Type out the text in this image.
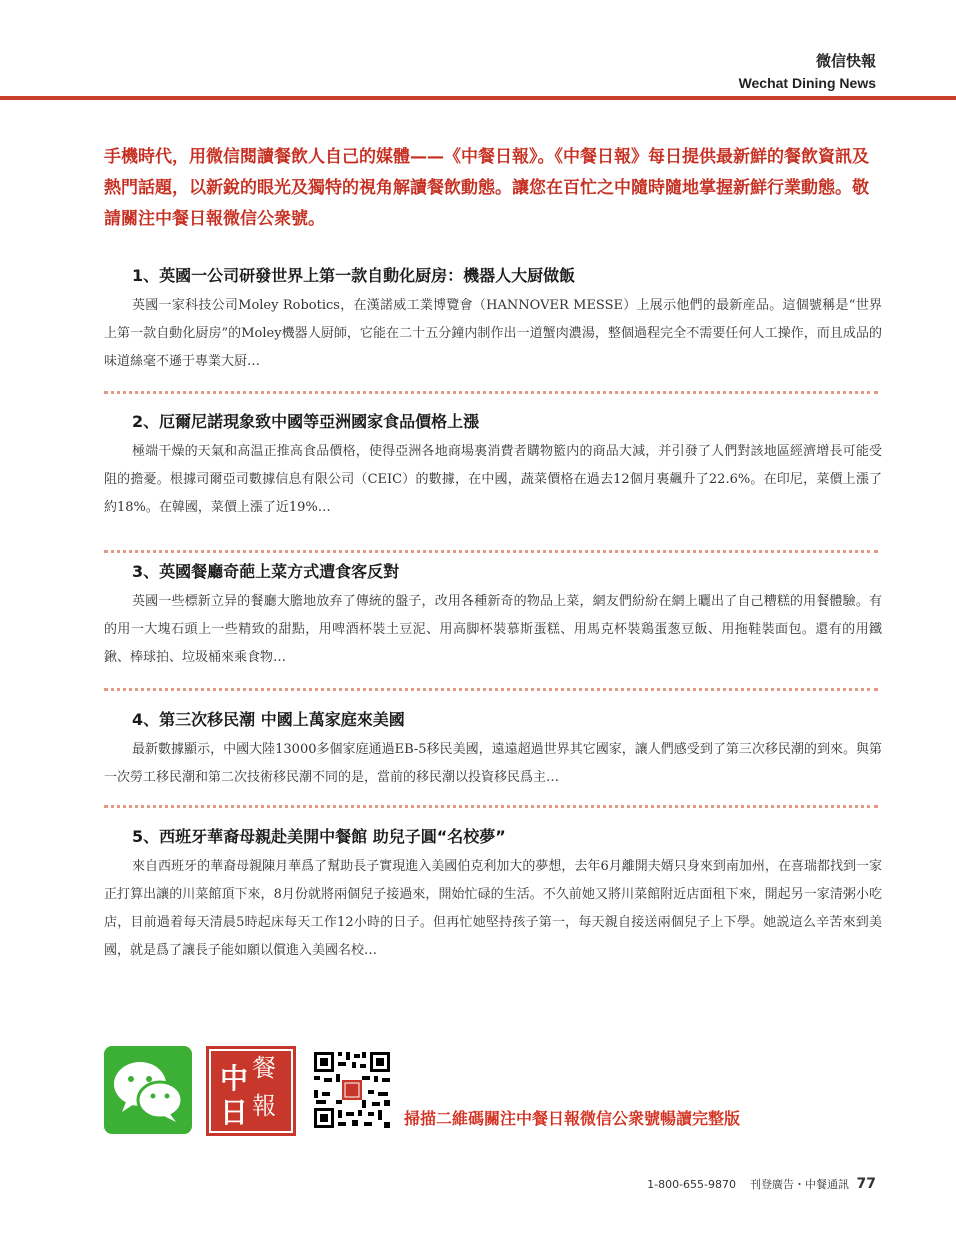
微信快報
Wechat Dining News
手機時代，用微信閱讀餐飲人自己的媒體——《中餐日報》。《中餐日報》每日提供最新鮮的餐飲資訊及熱門話題，以新銳的眼光及獨特的視角解讀餐飲動態。讓您在百忙之中隨時隨地掌握新鮮行業動態。敬請關注中餐日報微信公衆號。
1、英國一公司研發世界上第一款自動化厨房：機器人大厨做飯
英國一家科技公司Moley Robotics，在漢諾威工業博覽會（HANNOVER MESSE）上展示他們的最新産品。這個號稱是“世界上第一款自動化厨房”的Moley機器人厨師，它能在二十五分鐘内制作出一道蟹肉濃湯，整個過程完全不需要任何人工操作，而且成品的味道絲毫不遜于專業大厨…
2、厄爾尼諾現象致中國等亞洲國家食品價格上漲
極端干燥的天氣和高温正推高食品價格，使得亞洲各地商場裏消費者購物籃内的商品大減，并引發了人們對該地區經濟增長可能受阻的擔憂。根據司爾亞司數據信息有限公司（CEIC）的數據，在中國，蔬菜價格在過去12個月裏飆升了22.6%。在印尼，菜價上漲了約18%。在韓國，菜價上漲了近19%…
3、英國餐廳奇葩上菜方式遭食客反對
英國一些標新立异的餐廳大膽地放弃了傳統的盤子，改用各種新奇的物品上菜，網友們紛紛在網上曬出了自己糟糕的用餐體驗。有的用一大塊石頭上一些精致的甜點，用啤酒杯裝土豆泥、用高脚杯裝慕斯蛋糕、用馬克杯裝鶏蛋葱豆飯、用拖鞋裝面包。還有的用鐵鍬、棒球拍、垃圾桶來乘食物…
4、第三次移民潮 中國上萬家庭來美國
最新數據顯示，中國大陸13000多個家庭通過EB-5移民美國，遠遠超過世界其它國家，讓人們感受到了第三次移民潮的到來。與第一次勞工移民潮和第二次技術移民潮不同的是，當前的移民潮以投資移民爲主…
5、西班牙華裔母親赴美開中餐館 助兒子圓“名校夢”
來自西班牙的華裔母親陳月華爲了幫助長子實現進入美國伯克利加大的夢想，去年6月離開夫婿只身來到南加州，在喜瑞都找到一家正打算出讓的川菜館頂下來，8月份就將兩個兒子接過來，開始忙碌的生活。不久前她又將川菜館附近店面租下來，開起另一家清粥小吃店，目前過着每天清晨5時起床每天工作12小時的日子。但再忙她堅持孩子第一，每天親自接送兩個兒子上下學。她説這么辛苦來到美國，就是爲了讓長子能如願以償進入美國名校…
中 餐
日 報	掃描二維碼關注中餐日報微信公衆號暢讀完整版
1-800-655-9870 刊登廣告・中餐通訊 77
